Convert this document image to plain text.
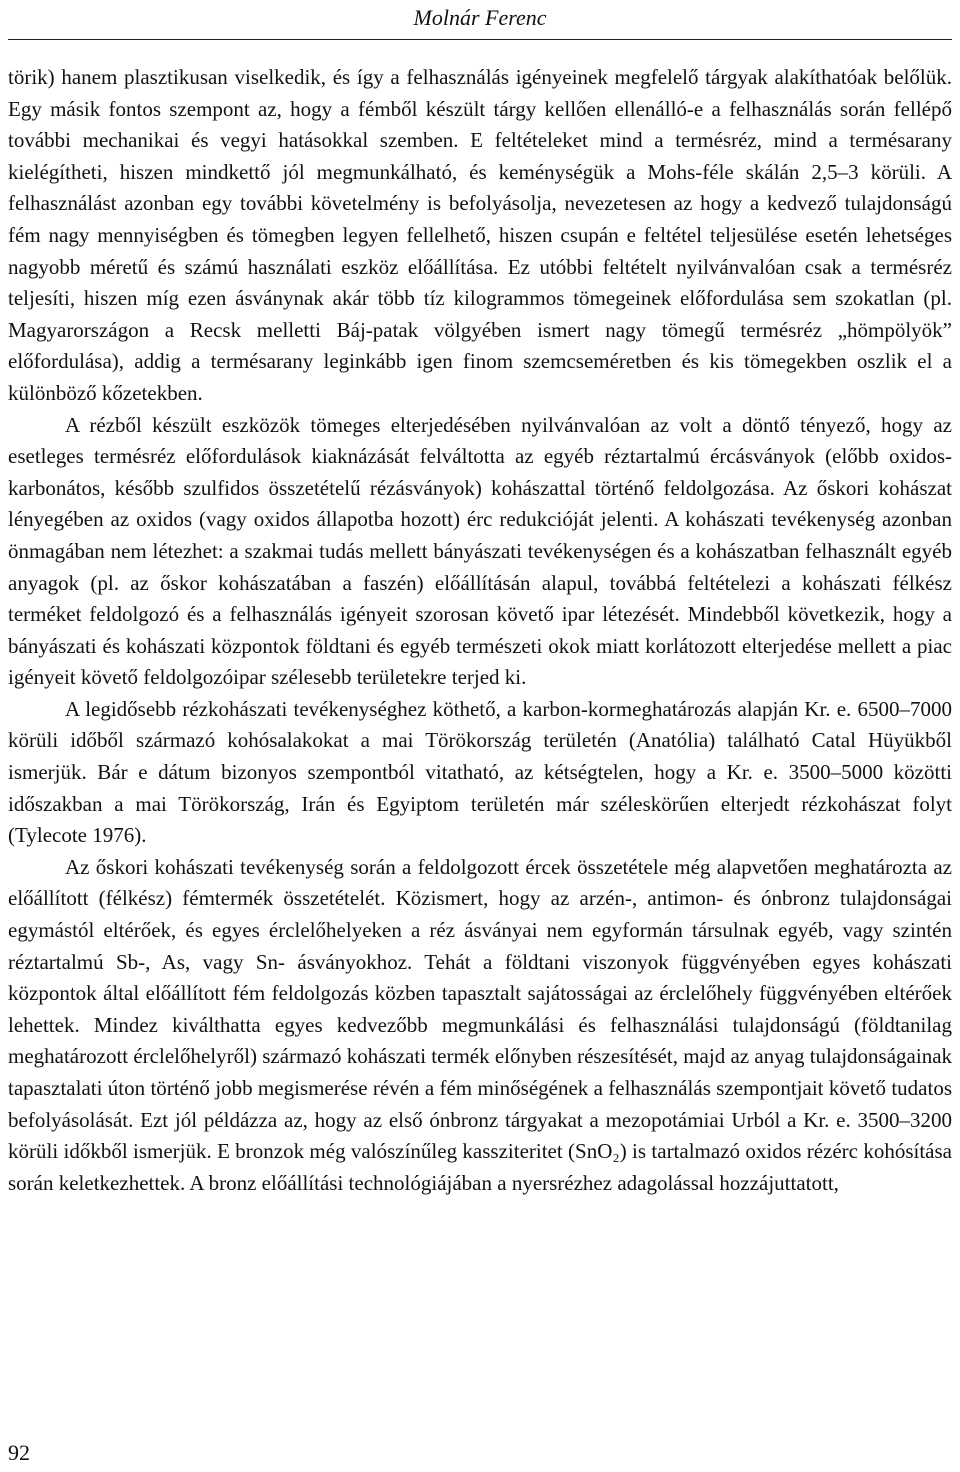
Molnár Ferenc

törik) hanem plasztikusan viselkedik, és így a felhasználás igényeinek megfelelő tárgyak alakíthatóak belőlük. Egy másik fontos szempont az, hogy a fémből készült tárgy kellően ellenálló-e a felhasználás során fellépő további mechanikai és vegyi hatásokkal szemben. E feltételeket mind a termésréz, mind a termésarany kielégítheti, hiszen mindkettő jól megmunkálható, és keménységük a Mohs-féle skálán 2,5–3 körüli. A felhasználást azonban egy további követelmény is befolyásolja, nevezetesen az hogy a kedvező tulajdonságú fém nagy mennyiségben és tömegben legyen fellelhető, hiszen csupán e feltétel teljesülése esetén lehetséges nagyobb méretű és számú használati eszköz előállítása. Ez utóbbi feltételt nyilvánvalóan csak a termésréz teljesíti, hiszen míg ezen ásványnak akár több tíz kilogrammos tömegeinek előfordulása sem szokatlan (pl. Magyarországon a Recsk melletti Báj-patak völgyében ismert nagy tömegű termésréz „hömpölyök” előfordulása), addig a termésarany leginkább igen finom szemcseméretben és kis tömegekben oszlik el a különböző kőzetekben.

A rézből készült eszközök tömeges elterjedésében nyilvánvalóan az volt a döntő tényező, hogy az esetleges termésréz előfordulások kiaknázását felváltotta az egyéb réztartalmú ércásványok (előbb oxidos-karbonátos, később szulfidos összetételű rézásványok) kohászattal történő feldolgozása. Az őskori kohászat lényegében az oxidos (vagy oxidos állapotba hozott) érc redukcióját jelenti. A kohászati tevékenység azonban önmagában nem létezhet: a szakmai tudás mellett bányászati tevékenységen és a kohászatban felhasznált egyéb anyagok (pl. az őskor kohászatában a faszén) előállításán alapul, továbbá feltételezi a kohászati félkész terméket feldolgozó és a felhasználás igényeit szorosan követő ipar létezését. Mindebből következik, hogy a bányászati és kohászati központok földtani és egyéb természeti okok miatt korlátozott elterjedése mellett a piac igényeit követő feldolgozóipar szélesebb területekre terjed ki.

A legidősebb rézkohászati tevékenységhez köthető, a karbon-kormeghatározás alapján Kr. e. 6500–7000 körüli időből származó kohósalakokat a mai Törökország területén (Anatólia) található Catal Hüyükből ismerjük. Bár e dátum bizonyos szempontból vitatható, az kétségtelen, hogy a Kr. e. 3500–5000 közötti időszakban a mai Törökország, Irán és Egyiptom területén már széleskörűen elterjedt rézkohászat folyt (Tylecote 1976).

Az őskori kohászati tevékenység során a feldolgozott ércek összetétele még alapvetően meghatározta az előállított (félkész) fémtermék összetételét. Közismert, hogy az arzén-, antimon- és ónbronz tulajdonságai egymástól eltérőek, és egyes érclelőhelyeken a réz ásványai nem egyformán társulnak egyéb, vagy szintén réztartalmú Sb-, As, vagy Sn- ásványokhoz. Tehát a földtani viszonyok függvényében egyes kohászati központok által előállított fém feldolgozás közben tapasztalt sajátosságai az érclelőhely függvényében eltérőek lehettek. Mindez kiválthatta egyes kedvezőbb megmunkálási és felhasználási tulajdonságú (földtanilag meghatározott érclelőhelyről) származó kohászati termék előnyben részesítését, majd az anyag tulajdonságainak tapasztalati úton történő jobb megismerése révén a fém minőségének a felhasználás szempontjait követő tudatos befolyásolását. Ezt jól példázza az, hogy az első ónbronz tárgyakat a mezopotámiai Urból a Kr. e. 3500–3200 körüli időkből ismerjük. E bronzok még valószínűleg kassziteritet (SnO₂) is tartalmazó oxidos rézérc kohósítása során keletkezhettek. A bronz előállítási technológiájában a nyersrézhez adagolással hozzájuttatott,

92
